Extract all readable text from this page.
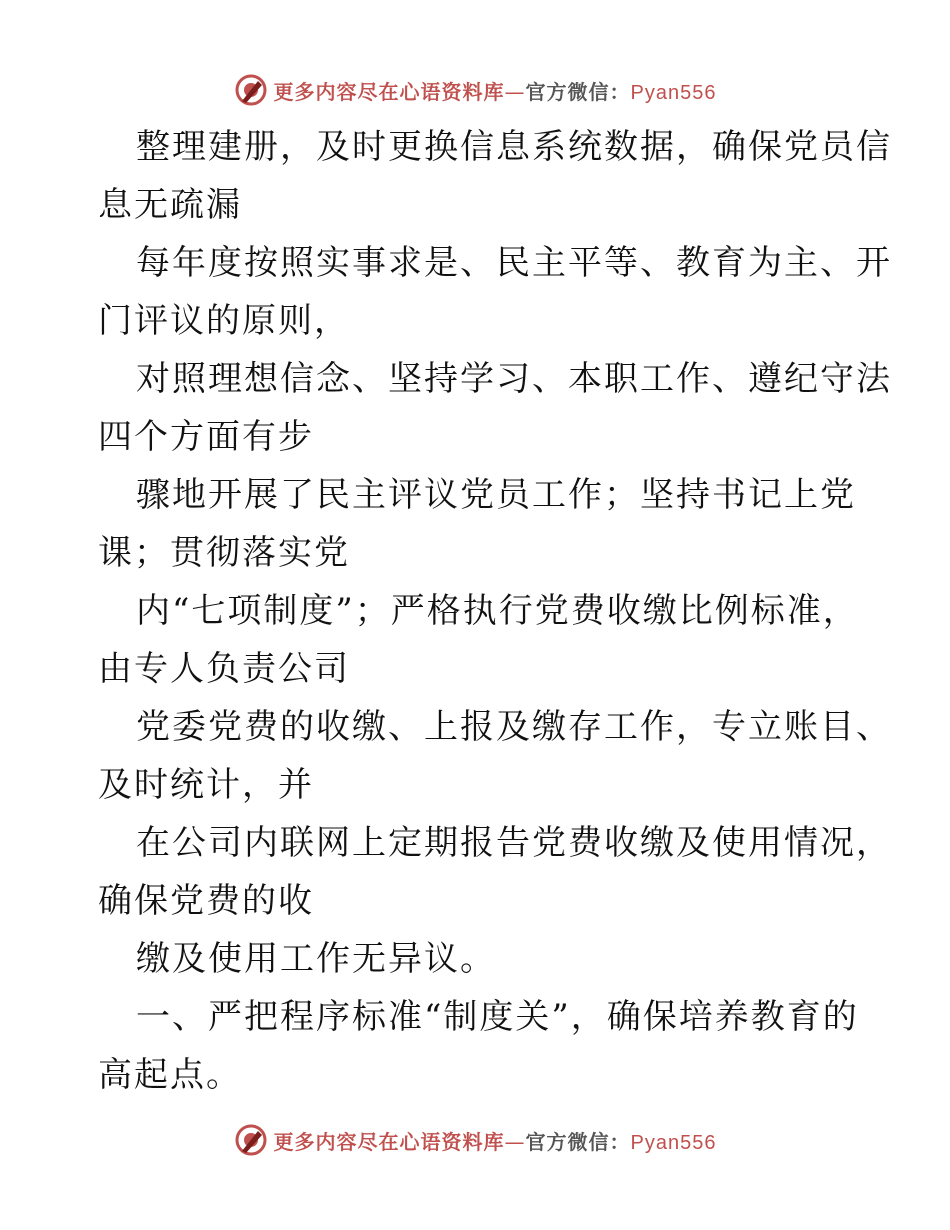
更多内容尽在心语资料库—官方微信：Pyan556

整理建册，及时更换信息系统数据，确保党员信
息无疏漏

每年度按照实事求是、民主平等、教育为主、开
门评议的原则，

对照理想信念、坚持学习、本职工作、遵纪守法
四个方面有步

骤地开展了民主评议党员工作；坚持书记上党
课；贯彻落实党

内“七项制度”；严格执行党费收缴比例标准，
由专人负责公司

党委党费的收缴、上报及缴存工作，专立账目、
及时统计，并

在公司内联网上定期报告党费收缴及使用情况，
确保党费的收

缴及使用工作无异议。

一、严把程序标准“制度关”，确保培养教育的
高起点。

更多内容尽在心语资料库—官方微信：Pyan556
